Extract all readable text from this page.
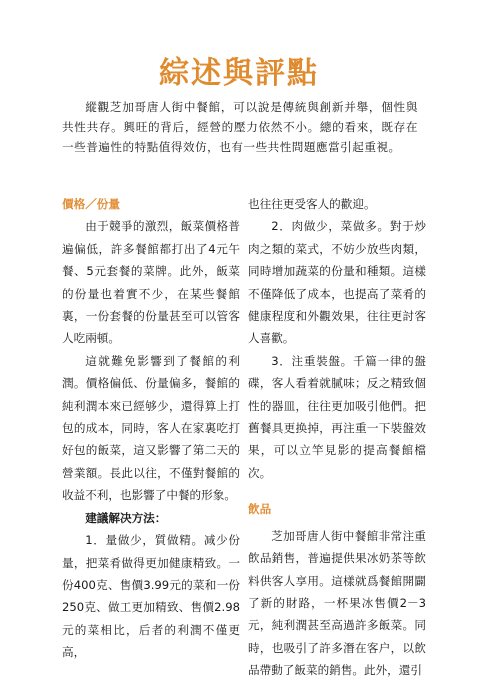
綜述與評點

縱觀芝加哥唐人街中餐館，可以說是傳統與創新并舉，個性與共性共存。興旺的背后，經營的壓力依然不小。總的看來，既存在一些普遍性的特點值得效仿，也有一些共性問題應當引起重視。

價格／份量

由于競爭的激烈，飯菜價格普遍偏低，許多餐館都打出了4元午餐、5元套餐的菜牌。此外，飯菜的份量也着實不少，在某些餐館裏，一份套餐的份量甚至可以管客人吃兩頓。

這就難免影響到了餐館的利潤。價格偏低、份量偏多，餐館的純利潤本來已經够少，還得算上打包的成本，同時，客人在家裏吃打好包的飯菜，這又影響了第二天的營業額。長此以往，不僅對餐館的收益不利，也影響了中餐的形象。

建議解决方法：

1．量做少，質做精。减少份量，把菜肴做得更加健康精致。一份400克、售價3.99元的菜和一份250克、做工更加精致、售價2.98元的菜相比，后者的利潤不僅更高，

也往往更受客人的歡迎。

2．肉做少，菜做多。對于炒肉之類的菜式，不妨少放些肉類，同時增加蔬菜的份量和種類。這樣不僅降低了成本，也提高了菜肴的健康程度和外觀效果，往往更討客人喜歡。

3．注重裝盤。千篇一律的盤碟，客人看着就膩味；反之精致個性的器皿，往往更加吸引他們。把舊餐具更换掉，再注重一下裝盤效果，可以立竿見影的提高餐館檔次。

飲品

芝加哥唐人街中餐館非常注重飲品銷售，普遍提供果冰奶茶等飲料供客人享用。這樣就爲餐館開闢了新的財路，一杯果冰售價2－3元，純利潤甚至高過許多飯菜。同時，也吸引了許多潛在客户，以飲品帶動了飯菜的銷售。此外，還引
